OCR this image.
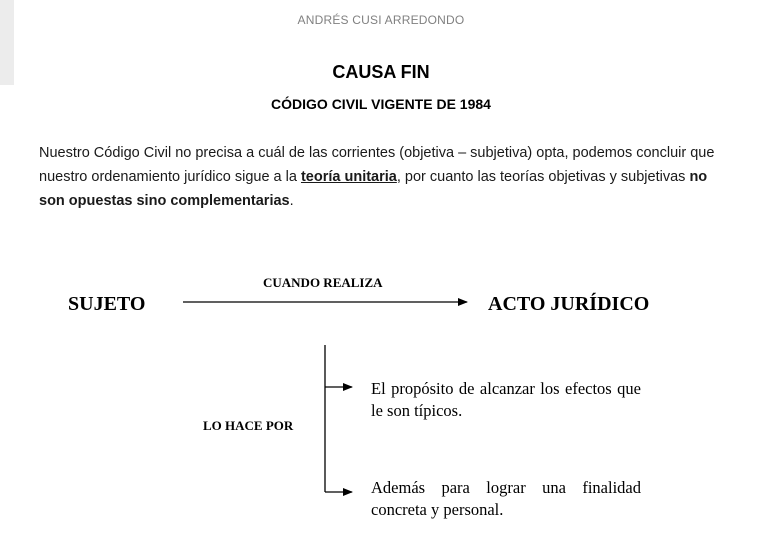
ANDRÉS CUSI ARREDONDO
CAUSA FIN
CÓDIGO CIVIL VIGENTE DE 1984
Nuestro Código Civil no precisa a cuál de las corrientes (objetiva – subjetiva) opta, podemos concluir que nuestro ordenamiento jurídico sigue a la teoría unitaria, por cuanto las teorías objetivas y subjetivas no son opuestas sino complementarias.
SUJETO
CUANDO REALIZA
ACTO JURÍDICO
LO HACE POR
El propósito de alcanzar los efectos que le son típicos.
Además para lograr una finalidad concreta y personal.
